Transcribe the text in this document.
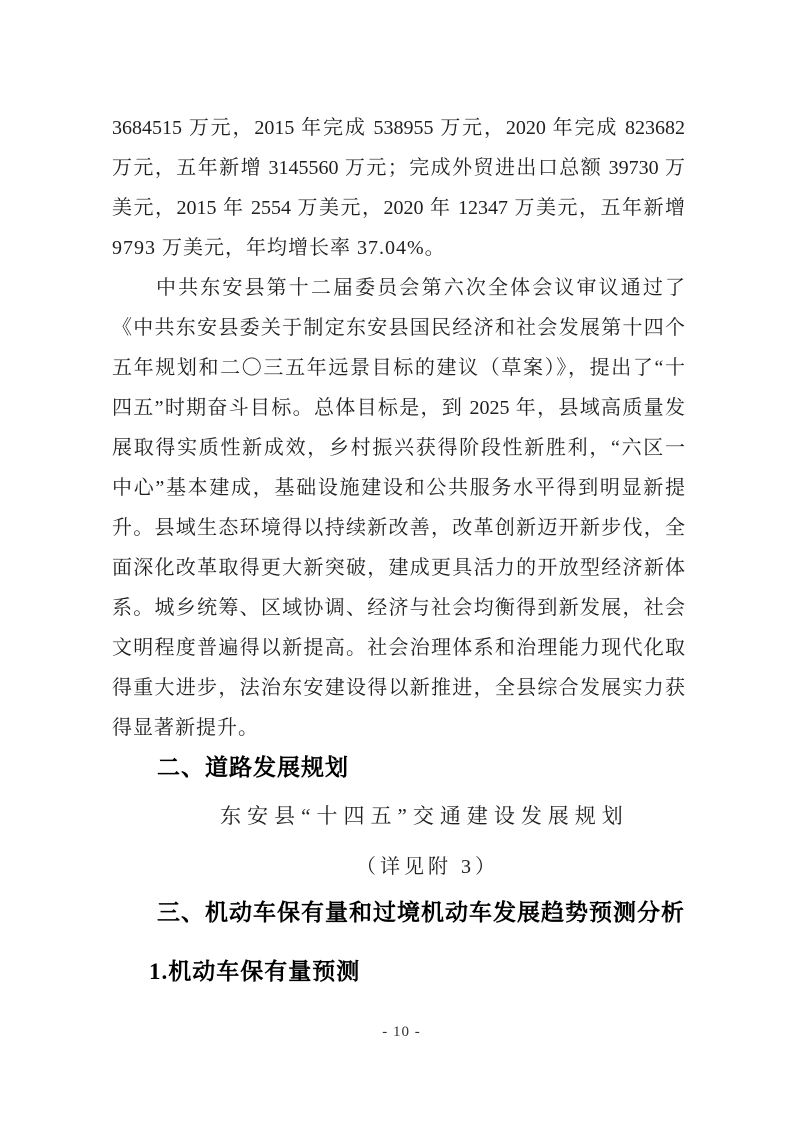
3684515 万元，2015 年完成 538955 万元，2020 年完成 823682
万元，五年新增 3145560 万元；完成外贸进出口总额 39730 万
美元，2015 年 2554 万美元，2020 年 12347 万美元，五年新增
9793 万美元，年均增长率 37.04%。
中共东安县第十二届委员会第六次全体会议审议通过了
《中共东安县委关于制定东安县国民经济和社会发展第十四个
五年规划和二〇三五年远景目标的建议（草案）》，提出了“十
四五”时期奋斗目标。总体目标是，到 2025 年，县域高质量发
展取得实质性新成效，乡村振兴获得阶段性新胜利，“六区一
中心”基本建成，基础设施建设和公共服务水平得到明显新提
升。县域生态环境得以持续新改善，改革创新迈开新步伐，全
面深化改革取得更大新突破，建成更具活力的开放型经济新体
系。城乡统筹、区域协调、经济与社会均衡得到新发展，社会
文明程度普遍得以新提高。社会治理体系和治理能力现代化取
得重大进步，法治东安建设得以新推进，全县综合发展实力获
得显著新提升。
二、道路发展规划
东安县“十四五”交通建设发展规划
（详见附 3）
三、机动车保有量和过境机动车发展趋势预测分析
1.机动车保有量预测
- 10 -
